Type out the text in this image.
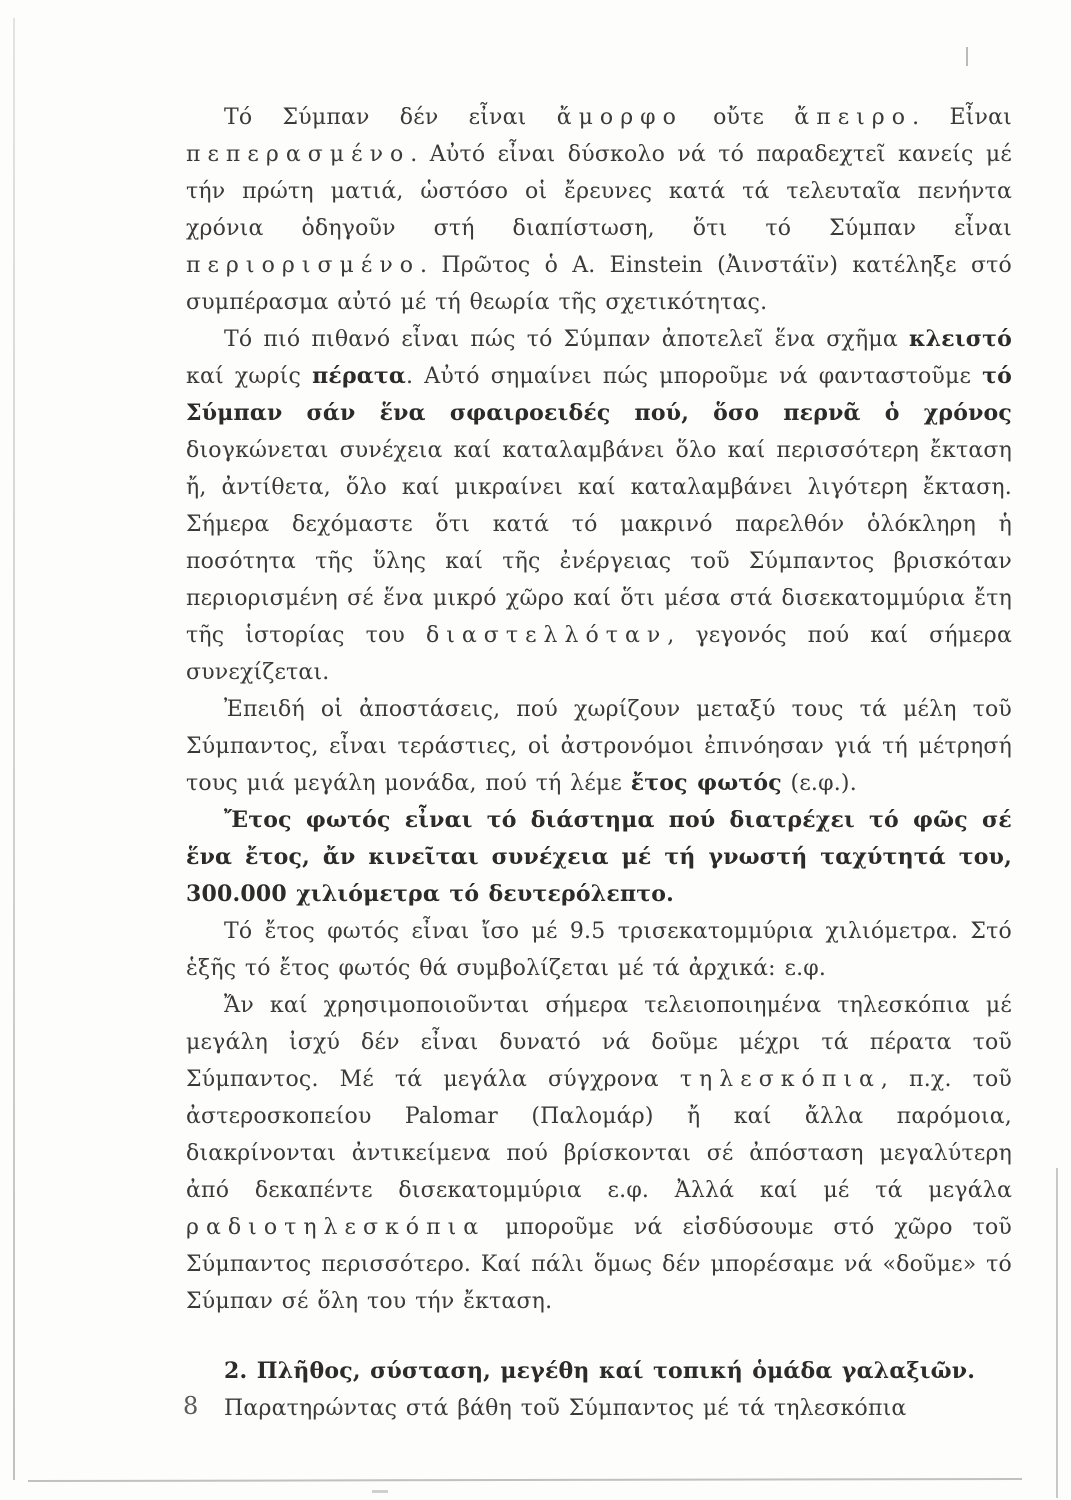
Τό Σύμπαν δέν εἶναι ἄμορφο οὔτε ἄπειρο. Εἶναι πεπερασμένο. Αὐτό εἶναι δύσκολο νά τό παραδεχτεῖ κανείς μέ τήν πρώτη ματιά, ὡστόσο οἱ ἔρευνες κατά τά τελευταῖα πενήντα χρόνια ὁδηγοῦν στή διαπίστωση, ὅτι τό Σύμπαν εἶναι περιορισμένο. Πρῶτος ὁ Α. Einstein (Ἀινστάϊν) κατέληξε στό συμπέρασμα αὐτό μέ τή θεωρία τῆς σχετικότητας.

Τό πιό πιθανό εἶναι πώς τό Σύμπαν ἀποτελεῖ ἕνα σχῆμα κλειστό καί χωρίς πέρατα. Αὐτό σημαίνει πώς μποροῦμε νά φανταστοῦμε τό Σύμπαν σάν ἕνα σφαιροειδές πού, ὅσο περνᾶ ὁ χρόνος διογκώνεται συνέχεια καί καταλαμβάνει ὅλο καί περισσότερη ἔκταση ἤ, ἀντίθετα, ὅλο καί μικραίνει καί καταλαμβάνει λιγότερη ἔκταση. Σήμερα δεχόμαστε ὅτι κατά τό μακρινό παρελθόν ὁλόκληρη ἡ ποσότητα τῆς ὕλης καί τῆς ἐνέργειας τοῦ Σύμπαντος βρισκόταν περιορισμένη σέ ἕνα μικρό χῶρο καί ὅτι μέσα στά δισεκατομμύρια ἔτη τῆς ἱστορίας του διαστελλόταν, γεγονός πού καί σήμερα συνεχίζεται.

Ἐπειδή οἱ ἀποστάσεις, πού χωρίζουν μεταξύ τους τά μέλη τοῦ Σύμπαντος, εἶναι τεράστιες, οἱ ἀστρονόμοι ἐπινόησαν γιά τή μέτρησή τους μιά μεγάλη μονάδα, πού τή λέμε ἔτος φωτός (ε.φ.).

Ἔτος φωτός εἶναι τό διάστημα πού διατρέχει τό φῶς σέ ἕνα ἔτος, ἄν κινεῖται συνέχεια μέ τή γνωστή ταχύτητά του, 300.000 χιλιόμετρα τό δευτερόλεπτο.

Τό ἔτος φωτός εἶναι ἴσο μέ 9.5 τρισεκατομμύρια χιλιόμετρα. Στό ἑξῆς τό ἔτος φωτός θά συμβολίζεται μέ τά ἀρχικά: ε.φ.

Ἄν καί χρησιμοποιοῦνται σήμερα τελειοποιημένα τηλεσκόπια μέ μεγάλη ἰσχύ δέν εἶναι δυνατό νά δοῦμε μέχρι τά πέρατα τοῦ Σύμπαντος. Μέ τά μεγάλα σύγχρονα τηλεσκόπια, π.χ. τοῦ ἀστεροσκοπείου Palomar (Παλομάρ) ἤ καί ἄλλα παρόμοια, διακρίνονται ἀντικείμενα πού βρίσκονται σέ ἀπόσταση μεγαλύτερη ἀπό δεκαπέντε δισεκατομμύρια ε.φ. Ἀλλά καί μέ τά μεγάλα ραδιοτηλεσκόπια μποροῦμε νά εἰσδύσουμε στό χῶρο τοῦ Σύμπαντος περισσότερο. Καί πάλι ὅμως δέν μπορέσαμε νά «δοῦμε» τό Σύμπαν σέ ὅλη του τήν ἔκταση.

2. Πλῆθος, σύσταση, μεγέθη καί τοπική ὁμάδα γαλαξιῶν.

Παρατηρώντας στά βάθη τοῦ Σύμπαντος μέ τά τηλεσκόπια

8
